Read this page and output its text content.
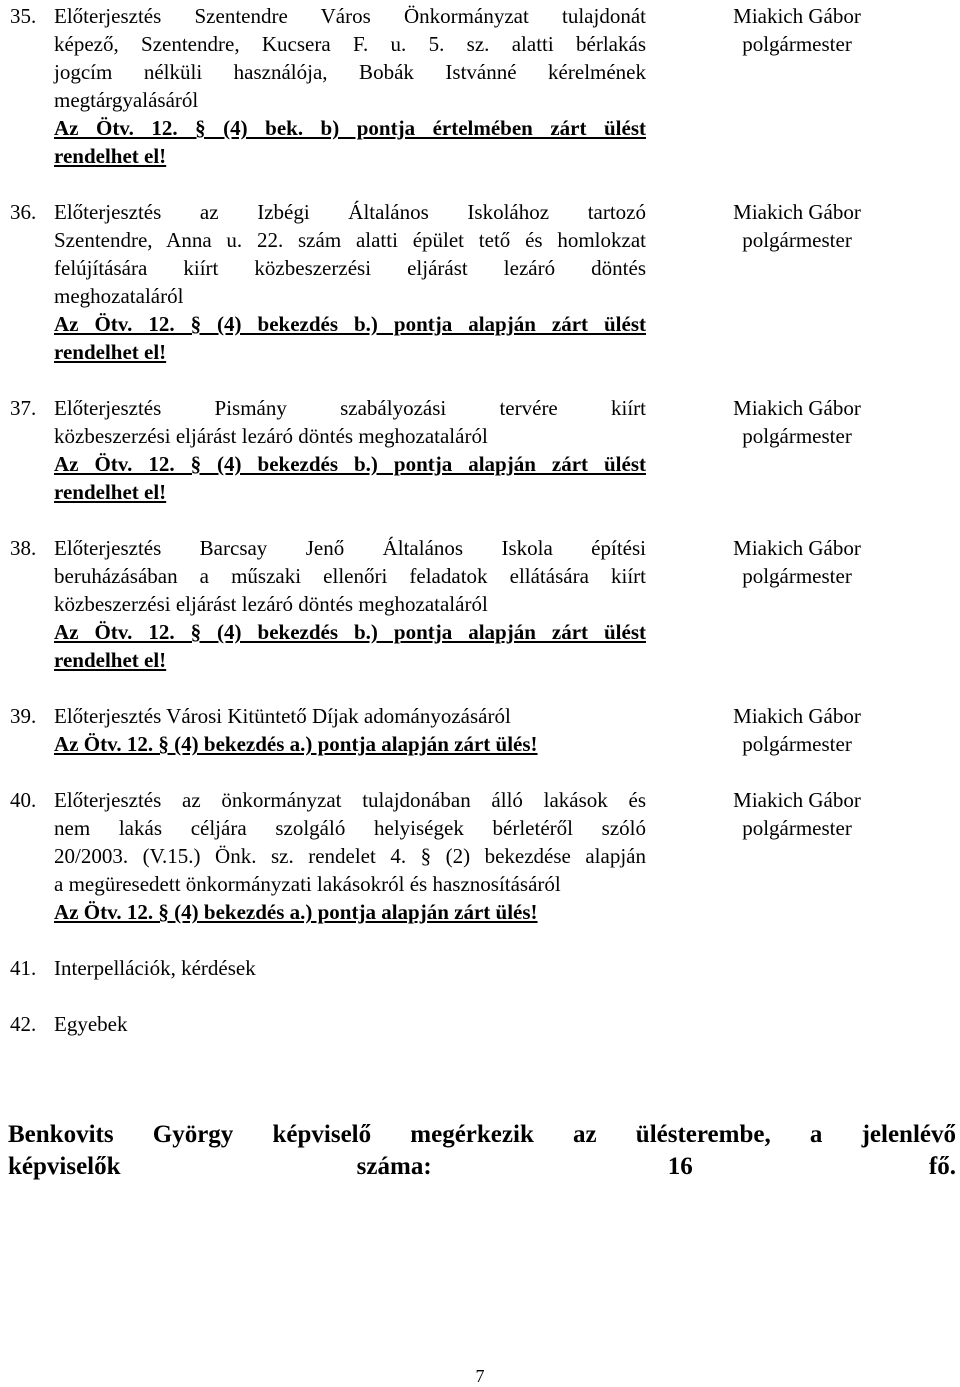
35. Előterjesztés Szentendre Város Önkormányzat tulajdonát
képező, Szentendre, Kucsera F. u. 5. sz. alatti bérlakás
jogcím nélküli használója, Bobák Istvánné kérelmének
megtárgyalásáról
Az Ötv. 12. § (4) bek. b) pontja értelmében zárt ülést
rendelhet el!
Miakich Gábor
polgármester
36. Előterjesztés az Izbégi Általános Iskolához tartozó
Szentendre, Anna u. 22. szám alatti épület tető és homlokzat
felújítására kiírt közbeszerzési eljárást lezáró döntés
meghozataláról
Az Ötv. 12. § (4) bekezdés b.) pontja alapján zárt ülést
rendelhet el!
Miakich Gábor
polgármester
37. Előterjesztés Pismány szabályozási tervére kiírt
közbeszerzési eljárást lezáró döntés meghozataláról
Az Ötv. 12. § (4) bekezdés b.) pontja alapján zárt ülést
rendelhet el!
Miakich Gábor
polgármester
38. Előterjesztés Barcsay Jenő Általános Iskola építési
beruházásában a műszaki ellenőri feladatok ellátására kiírt
közbeszerzési eljárást lezáró döntés meghozataláról
Az Ötv. 12. § (4) bekezdés b.) pontja alapján zárt ülést
rendelhet el!
Miakich Gábor
polgármester
39. Előterjesztés Városi Kitüntető Díjak adományozásáról
Az Ötv. 12. § (4) bekezdés a.) pontja alapján zárt ülés!
Miakich Gábor
polgármester
40. Előterjesztés az önkormányzat tulajdonában álló lakások és
nem lakás céljára szolgáló helyiségek bérletéről szóló
20/2003. (V.15.) Önk. sz. rendelet 4. § (2) bekezdése alapján
a megüresedett önkormányzati lakásokról és hasznosításáról
Az Ötv. 12. § (4) bekezdés a.) pontja alapján zárt ülés!
Miakich Gábor
polgármester
41. Interpellációk, kérdések
42. Egyebek
Benkovits György képviselő megérkezik az ülésterembe, a jelenlévő
képviselők száma: 16 fő.
7
